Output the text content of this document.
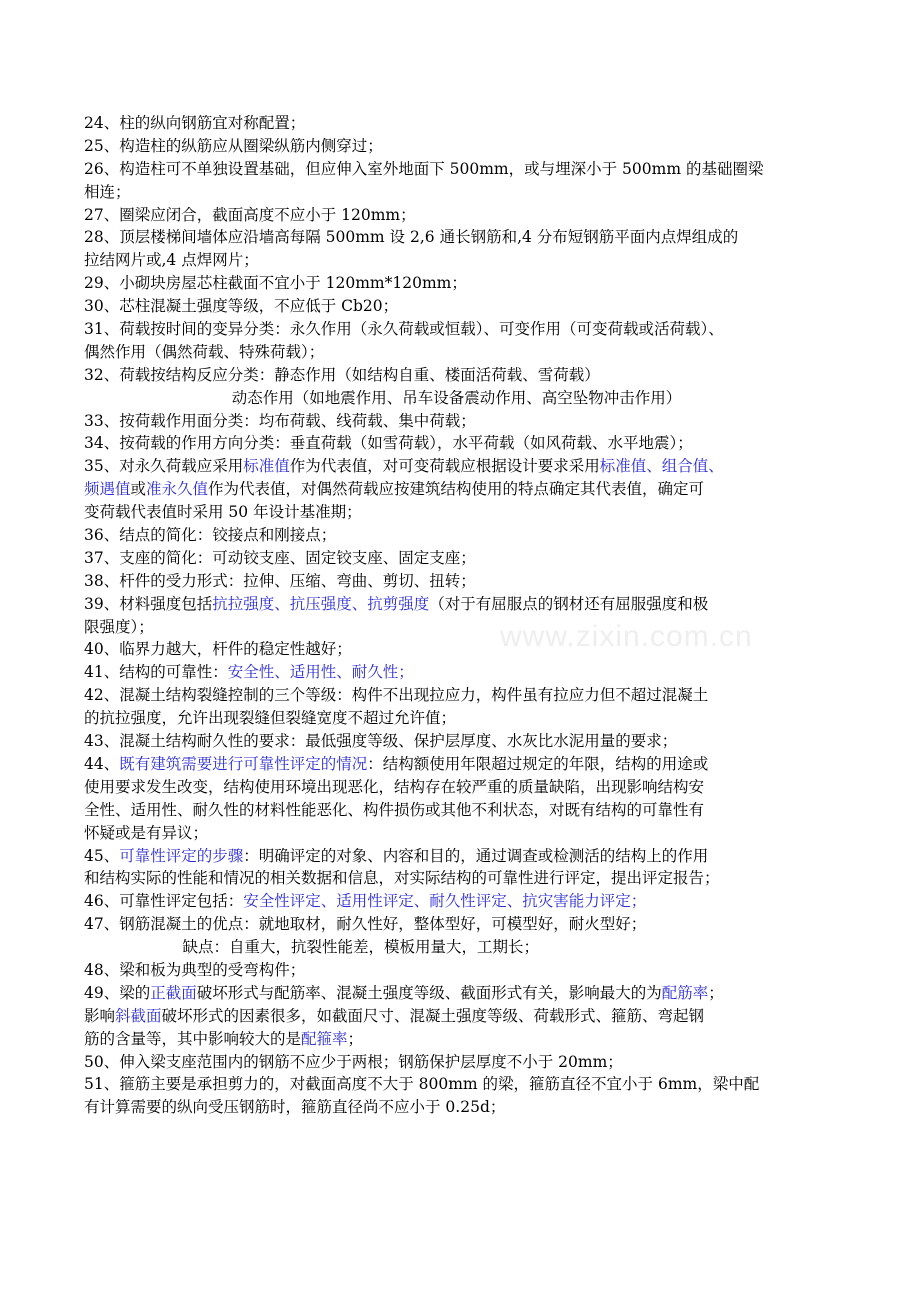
24、柱的纵向钢筋宜对称配置；
25、构造柱的纵筋应从圈梁纵筋内侧穿过；
26、构造柱可不单独设置基础，但应伸入室外地面下 500mm，或与埋深小于 500mm 的基础圈梁
相连；
27、圈梁应闭合，截面高度不应小于 120mm；
28、顶层楼梯间墙体应沿墙高每隔 500mm 设 2,6 通长钢筋和,4 分布短钢筋平面内点焊组成的
拉结网片或,4 点焊网片；
29、小砌块房屋芯柱截面不宜小于 120mm*120mm；
30、芯柱混凝土强度等级，不应低于 Cb20；
31、荷载按时间的变异分类：永久作用（永久荷载或恒载）、可变作用（可变荷载或活荷载）、
偶然作用（偶然荷载、特殊荷载）；
32、荷载按结构反应分类：静态作用（如结构自重、楼面活荷载、雪荷载）
动态作用（如地震作用、吊车设备震动作用、高空坠物冲击作用）
33、按荷载作用面分类：均布荷载、线荷载、集中荷载；
34、按荷载的作用方向分类：垂直荷载（如雪荷载），水平荷载（如风荷载、水平地震）；
35、对永久荷载应采用标准值作为代表值，对可变荷载应根据设计要求采用标准值、组合值、
频遇值或准永久值作为代表值，对偶然荷载应按建筑结构使用的特点确定其代表值，确定可
变荷载代表值时采用 50 年设计基准期；
36、结点的简化：铰接点和刚接点；
37、支座的简化：可动铰支座、固定铰支座、固定支座；
38、杆件的受力形式：拉伸、压缩、弯曲、剪切、扭转；
39、材料强度包括抗拉强度、抗压强度、抗剪强度（对于有屈服点的钢材还有屈服强度和极
限强度）；
40、临界力越大，杆件的稳定性越好；
41、结构的可靠性：安全性、适用性、耐久性；
42、混凝土结构裂缝控制的三个等级：构件不出现拉应力，构件虽有拉应力但不超过混凝土
的抗拉强度，允许出现裂缝但裂缝宽度不超过允许值；
43、混凝土结构耐久性的要求：最低强度等级、保护层厚度、水灰比水泥用量的要求；
44、既有建筑需要进行可靠性评定的情况：结构额使用年限超过规定的年限，结构的用途或
使用要求发生改变，结构使用环境出现恶化，结构存在较严重的质量缺陷，出现影响结构安
全性、适用性、耐久性的材料性能恶化、构件损伤或其他不利状态，对既有结构的可靠性有
怀疑或是有异议；
45、可靠性评定的步骤：明确评定的对象、内容和目的，通过调查或检测活的结构上的作用
和结构实际的性能和情况的相关数据和信息，对实际结构的可靠性进行评定，提出评定报告；
46、可靠性评定包括：安全性评定、适用性评定、耐久性评定、抗灾害能力评定；
47、钢筋混凝土的优点：就地取材，耐久性好，整体型好，可模型好，耐火型好；
缺点：自重大，抗裂性能差，模板用量大，工期长；
48、梁和板为典型的受弯构件；
49、梁的正截面破坏形式与配筋率、混凝土强度等级、截面形式有关，影响最大的为配筋率；
影响斜截面破坏形式的因素很多，如截面尺寸、混凝土强度等级、荷载形式、箍筋、弯起钢
筋的含量等，其中影响较大的是配箍率；
50、伸入梁支座范围内的钢筋不应少于两根；钢筋保护层厚度不小于 20mm；
51、箍筋主要是承担剪力的，对截面高度不大于 800mm 的梁，箍筋直径不宜小于 6mm，梁中配
有计算需要的纵向受压钢筋时，箍筋直径尚不应小于 0.25d；
www.zixin.com.cn
